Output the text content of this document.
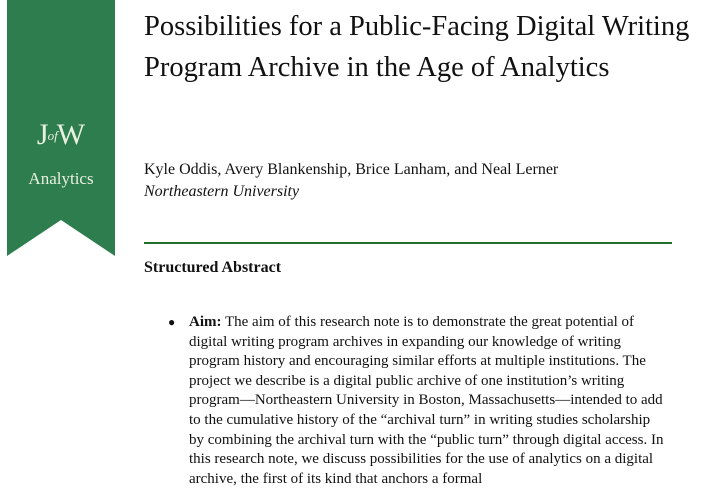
JofW
Analytics
Possibilities for a Public-Facing Digital Writing Program Archive in the Age of Analytics
Kyle Oddis, Avery Blankenship, Brice Lanham, and Neal Lerner
Northeastern University
Structured Abstract
● Aim: The aim of this research note is to demonstrate the great potential of digital writing program archives in expanding our knowledge of writing program history and encouraging similar efforts at multiple institutions. The project we describe is a digital public archive of one institution’s writing program—Northeastern University in Boston, Massachusetts—intended to add to the cumulative history of the “archival turn” in writing studies scholarship by combining the archival turn with the “public turn” through digital access. In this research note, we discuss possibilities for the use of analytics on a digital archive, the first of its kind that anchors a formal
